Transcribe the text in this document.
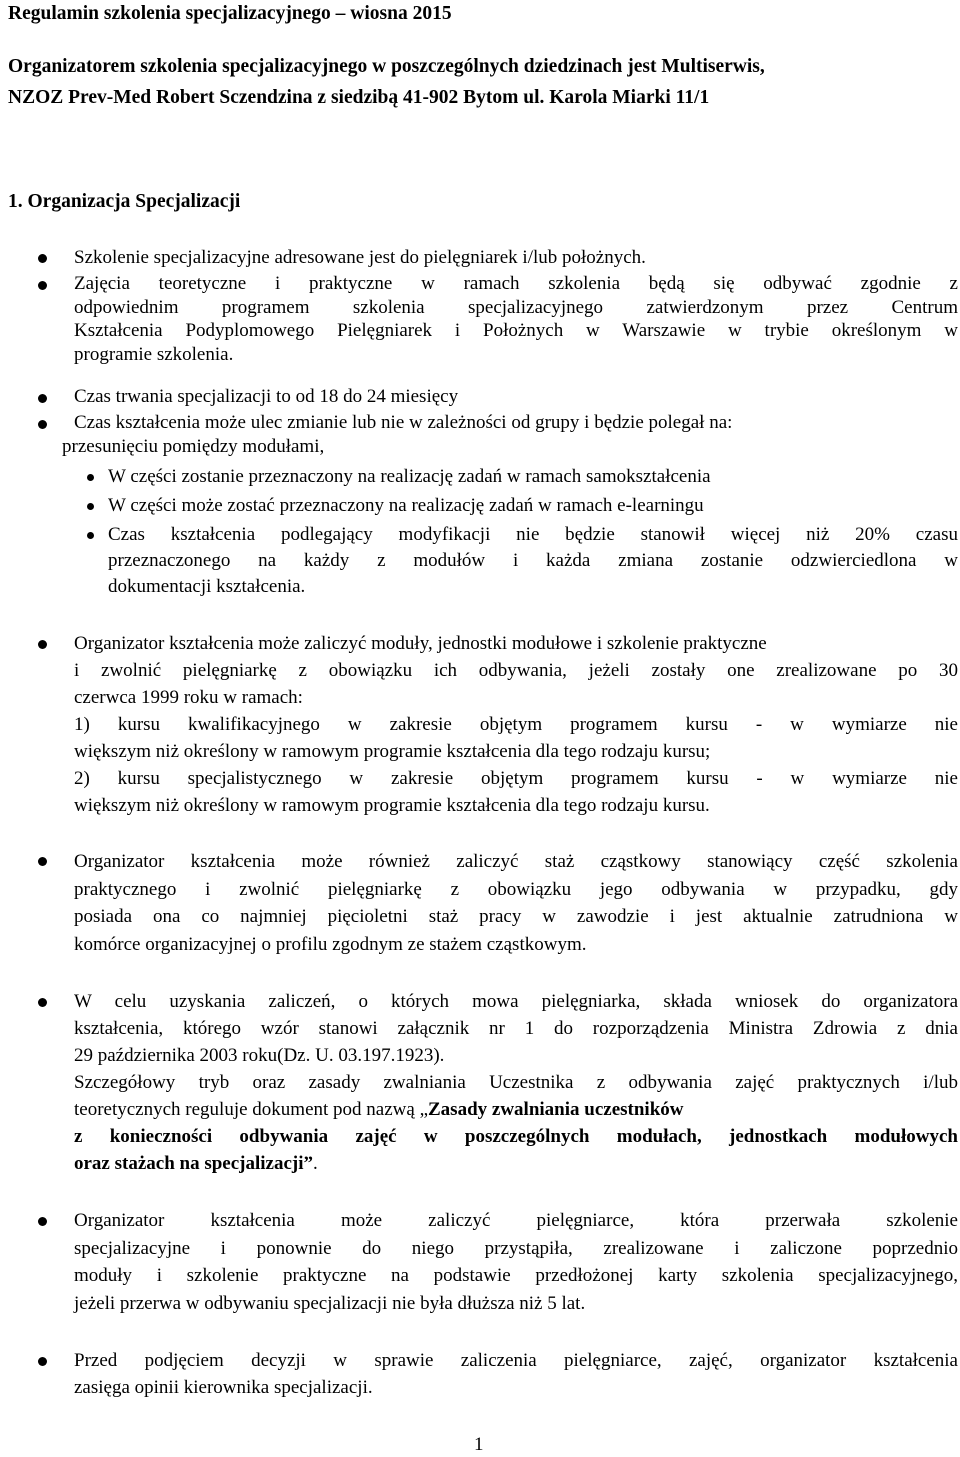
Regulamin szkolenia specjalizacyjnego – wiosna 2015
Organizatorem szkolenia specjalizacyjnego w poszczególnych dziedzinach jest Multiserwis,
NZOZ Prev-Med Robert Sczendzina z siedzibą 41-902 Bytom ul. Karola Miarki 11/1
1. Organizacja Specjalizacji
Szkolenie specjalizacyjne adresowane jest do pielęgniarek i/lub położnych.
Zajęcia teoretyczne i praktyczne w ramach szkolenia będą się odbywać zgodnie z
odpowiednim programem szkolenia specjalizacyjnego zatwierdzonym przez Centrum
Kształcenia Podyplomowego Pielęgniarek i Położnych w Warszawie w trybie określonym w
programie szkolenia.
Czas trwania specjalizacji to od 18 do 24 miesięcy
Czas kształcenia może ulec zmianie lub nie w zależności od grupy i będzie polegał na:
przesunięciu pomiędzy modułami,
W części zostanie przeznaczony na realizację zadań w ramach samokształcenia
W części może zostać przeznaczony na realizację zadań w ramach e-learningu
Czas kształcenia podlegający modyfikacji nie będzie stanowił więcej niż 20% czasu
przeznaczonego na każdy z modułów i każda zmiana zostanie odzwierciedlona w
dokumentacji kształcenia.
Organizator kształcenia może zaliczyć moduły, jednostki modułowe i szkolenie praktyczne
i zwolnić pielęgniarkę z obowiązku ich odbywania, jeżeli zostały one zrealizowane po 30
czerwca 1999 roku w ramach:
1) kursu kwalifikacyjnego w zakresie objętym programem kursu - w wymiarze nie
większym niż określony w ramowym programie kształcenia dla tego rodzaju kursu;
2) kursu specjalistycznego w zakresie objętym programem kursu - w wymiarze nie
większym niż określony w ramowym programie kształcenia dla tego rodzaju kursu.
Organizator kształcenia może również zaliczyć staż cząstkowy stanowiący część szkolenia
praktycznego i zwolnić pielęgniarkę z obowiązku jego odbywania w przypadku, gdy
posiada ona co najmniej pięcioletni staż pracy w zawodzie i jest aktualnie zatrudniona w
komórce organizacyjnej o profilu zgodnym ze stażem cząstkowym.
W celu uzyskania zaliczeń, o których mowa pielęgniarka, składa wniosek do organizatora
kształcenia, którego wzór stanowi załącznik nr 1 do rozporządzenia Ministra Zdrowia z dnia
29 października 2003 roku(Dz. U. 03.197.1923).
Szczegółowy tryb oraz zasady zwalniania Uczestnika z odbywania zajęć praktycznych i/lub
teoretycznych reguluje dokument pod nazwą „Zasady zwalniania uczestników
z konieczności odbywania zajęć w poszczególnych modułach, jednostkach modułowych
oraz stażach na specjalizacji”.
Organizator kształcenia może zaliczyć pielęgniarce, która przerwała szkolenie
specjalizacyjne i ponownie do niego przystąpiła, zrealizowane i zaliczone poprzednio
moduły i szkolenie praktyczne na podstawie przedłożonej karty szkolenia specjalizacyjnego,
jeżeli przerwa w odbywaniu specjalizacji nie była dłuższa niż 5 lat.
Przed podjęciem decyzji w sprawie zaliczenia pielęgniarce, zajęć, organizator kształcenia
zasięga opinii kierownika specjalizacji.
1
